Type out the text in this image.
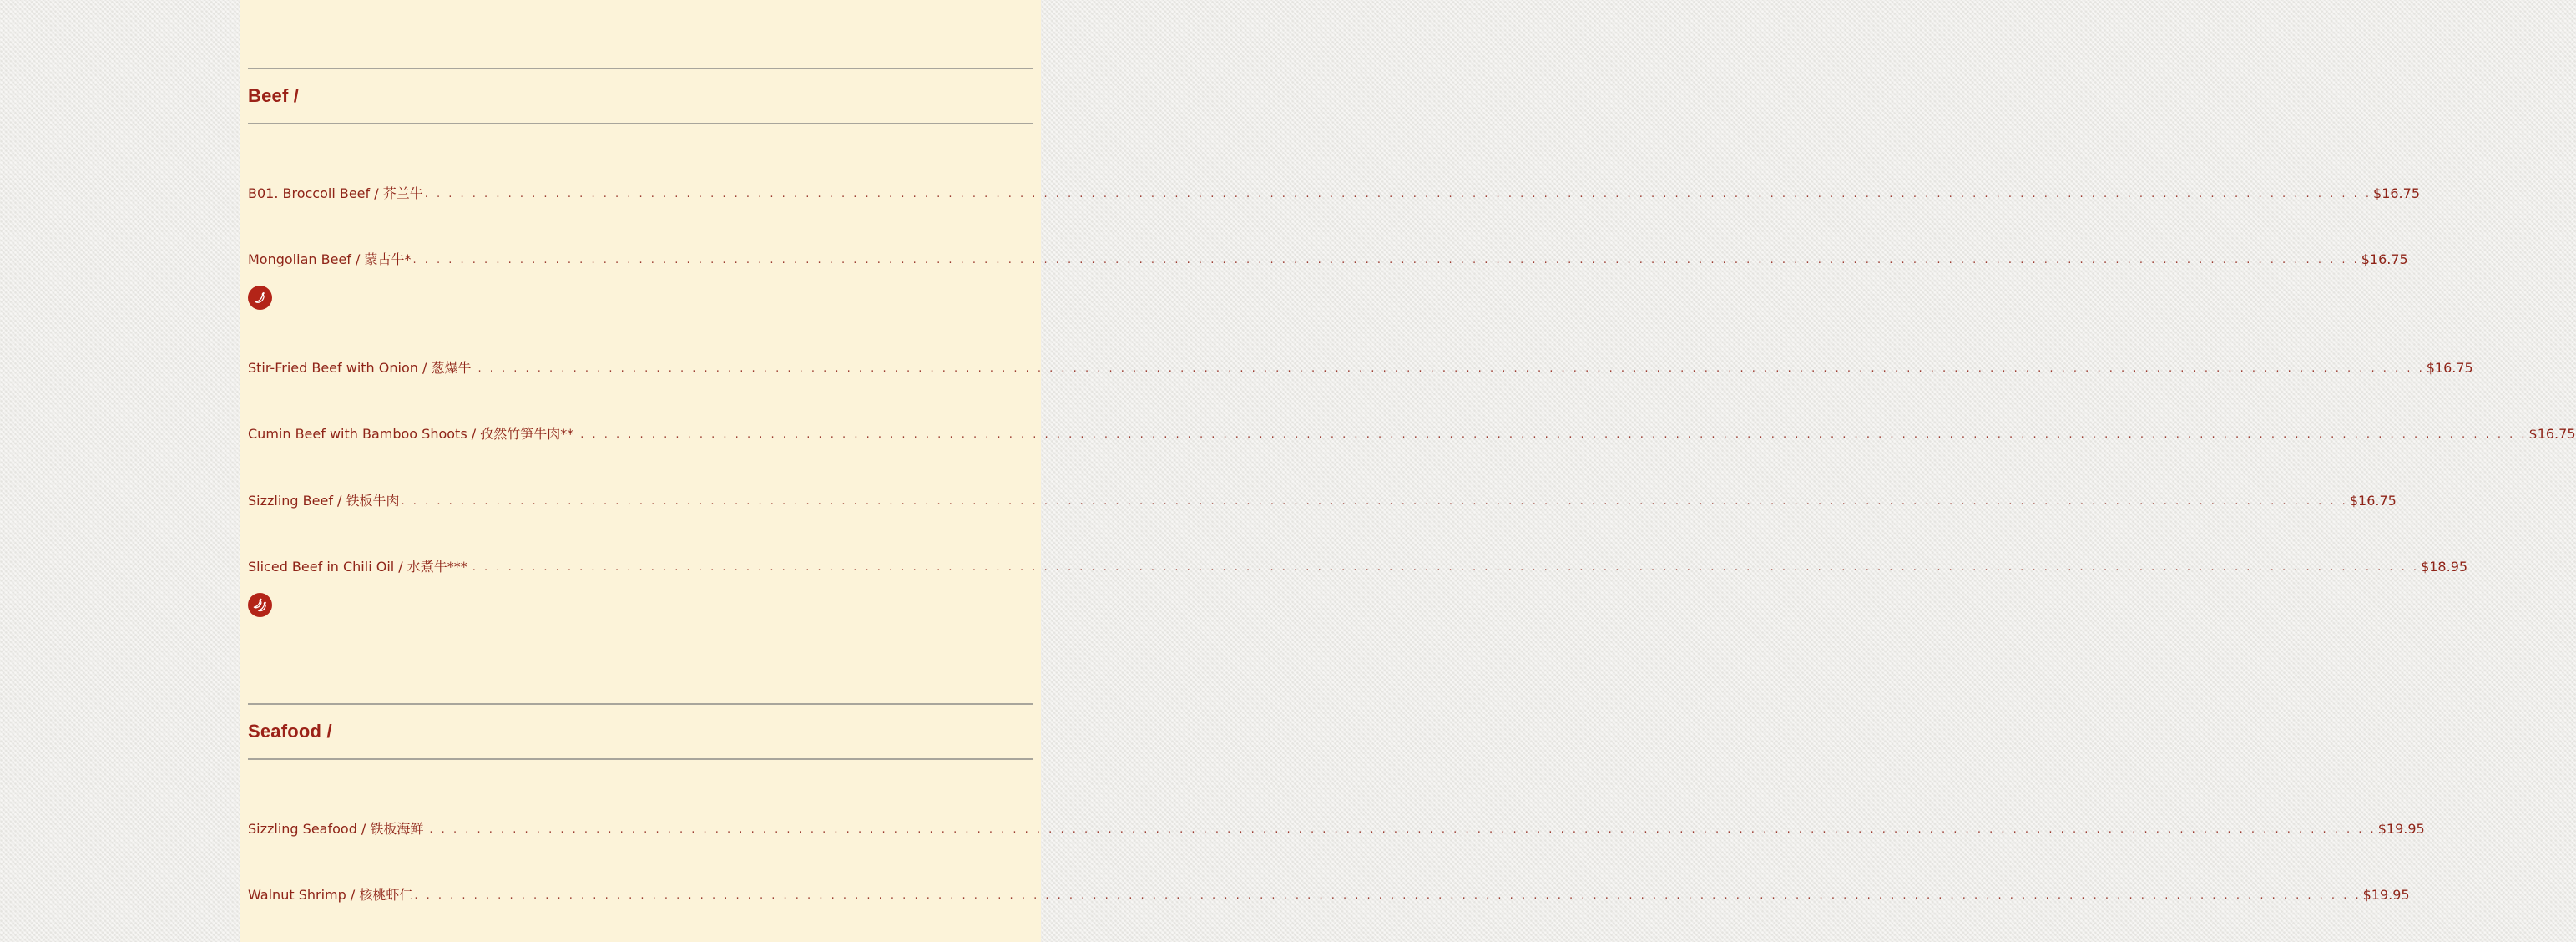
Beef /
B01. Broccoli Beef / 芥兰牛 . . . . . . . . . . . . . . . . . . . . . . . . . . . . . . . . . . . . . . . . . . . . . . . . . . . . . . . . . . . . . . . . . . . . . . . . . . . . . . . . . . . . . . . . . . . . . . . . . . . . . . . . . . . . . . . . . . . . . . . . . . . . . . . . . . . . . . . . . . . . . . . . . . . . . . . . . . . . . . . . . . . . $16.75
Mongolian Beef / 蒙古牛* . . . . . . . . . . . . . . . . . . . . . . . . . . . . . . . . . . . . . . . . . . . . . . . . . . . . . . . . . . . . . . . . . . . . . . . . . . . . . . . . . . . . . . . . . . . . . . . . . . . . . . . . . . . . . . . . . . . . . . . . . . . . . . . . . . . . . . . . . . . . . . . . . . . . . . . . . . . . . . . . . . . . $16.75
Stir-Fried Beef with Onion / 葱爆牛 . . . . . . . . . . . . . . . . . . . . . . . . . . . . . . . . . . . . . . . . . . . . . . . . . . . . . . . . . . . . . . . . . . . . . . . . . . . . . . . . . . . . . . . . . . . . . . . . . . . . . . . . . . . . . . . . . . . . . . . . . . . . . . . . . . . . . . . . . . . . . . . . . . . . . . . . . . . . . . . . . . . . $16.75
Cumin Beef with Bamboo Shoots / 孜然竹笋牛肉** . . . . . . . . . . . . . . . . . . . . . . . . . . . . . . . . . . . . . . . . . . . . . . . . . . . . . . . . . . . . . . . . . . . . . . . . . . . . . . . . . . . . . . . . . . . . . . . . . . . . . . . . . . . . . . . . . . . . . . . . . . . . . . . . . . . . . . . . . . . . . . . . . . . . . . . . . . . . . . . . . . . . $16.75
Sizzling Beef / 铁板牛肉 . . . . . . . . . . . . . . . . . . . . . . . . . . . . . . . . . . . . . . . . . . . . . . . . . . . . . . . . . . . . . . . . . . . . . . . . . . . . . . . . . . . . . . . . . . . . . . . . . . . . . . . . . . . . . . . . . . . . . . . . . . . . . . . . . . . . . . . . . . . . . . . . . . . . . . . . . . . . . . . . . . . . $16.75
Sliced Beef in Chili Oil / 水煮牛*** . . . . . . . . . . . . . . . . . . . . . . . . . . . . . . . . . . . . . . . . . . . . . . . . . . . . . . . . . . . . . . . . . . . . . . . . . . . . . . . . . . . . . . . . . . . . . . . . . . . . . . . . . . . . . . . . . . . . . . . . . . . . . . . . . . . . . . . . . . . . . . . . . . . . . . . . . . . . . . . . . . . . $18.95
Seafood /
Sizzling Seafood / 铁板海鲜 . . . . . . . . . . . . . . . . . . . . . . . . . . . . . . . . . . . . . . . . . . . . . . . . . . . . . . . . . . . . . . . . . . . . . . . . . . . . . . . . . . . . . . . . . . . . . . . . . . . . . . . . . . . . . . . . . . . . . . . . . . . . . . . . . . . . . . . . . . . . . . . . . . . . . . . . . . . . . . . . . . . . $19.95
Walnut Shrimp / 核桃虾仁 . . . . . . . . . . . . . . . . . . . . . . . . . . . . . . . . . . . . . . . . . . . . . . . . . . . . . . . . . . . . . . . . . . . . . . . . . . . . . . . . . . . . . . . . . . . . . . . . . . . . . . . . . . . . . . . . . . . . . . . . . . . . . . . . . . . . . . . . . . . . . . . . . . . . . . . . . . . . . . . . . . . . $19.95
